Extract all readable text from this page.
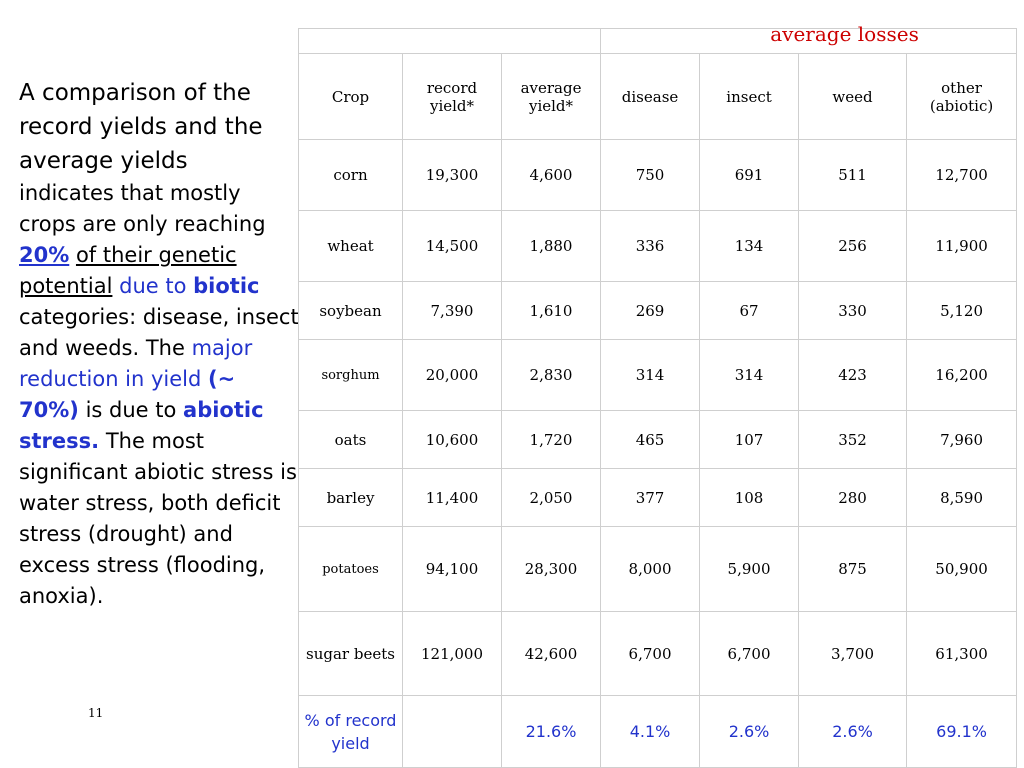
A comparison of the record yields and the average yields
indicates that mostly crops are only reaching 20% of their genetic potential due to biotic categories: disease, insect and weeds. The major reduction in yield (~ 70%) is due to abiotic stress. The most significant abiotic stress is water stress, both deficit stress (drought) and excess stress (flooding, anoxia).
11
			average losses			
Crop	record yield*	average yield*	disease	insect	weed	other (abiotic)
corn	19,300	4,600	750	691	511	12,700
wheat	14,500	1,880	336	134	256	11,900
soybean	7,390	1,610	269	67	330	5,120
sorghum	20,000	2,830	314	314	423	16,200
oats	10,600	1,720	465	107	352	7,960
barley	11,400	2,050	377	108	280	8,590
potatoes	94,100	28,300	8,000	5,900	875	50,900
sugar beets	121,000	42,600	6,700	6,700	3,700	61,300
% of record yield		21.6%	4.1%	2.6%	2.6%	69.1%
